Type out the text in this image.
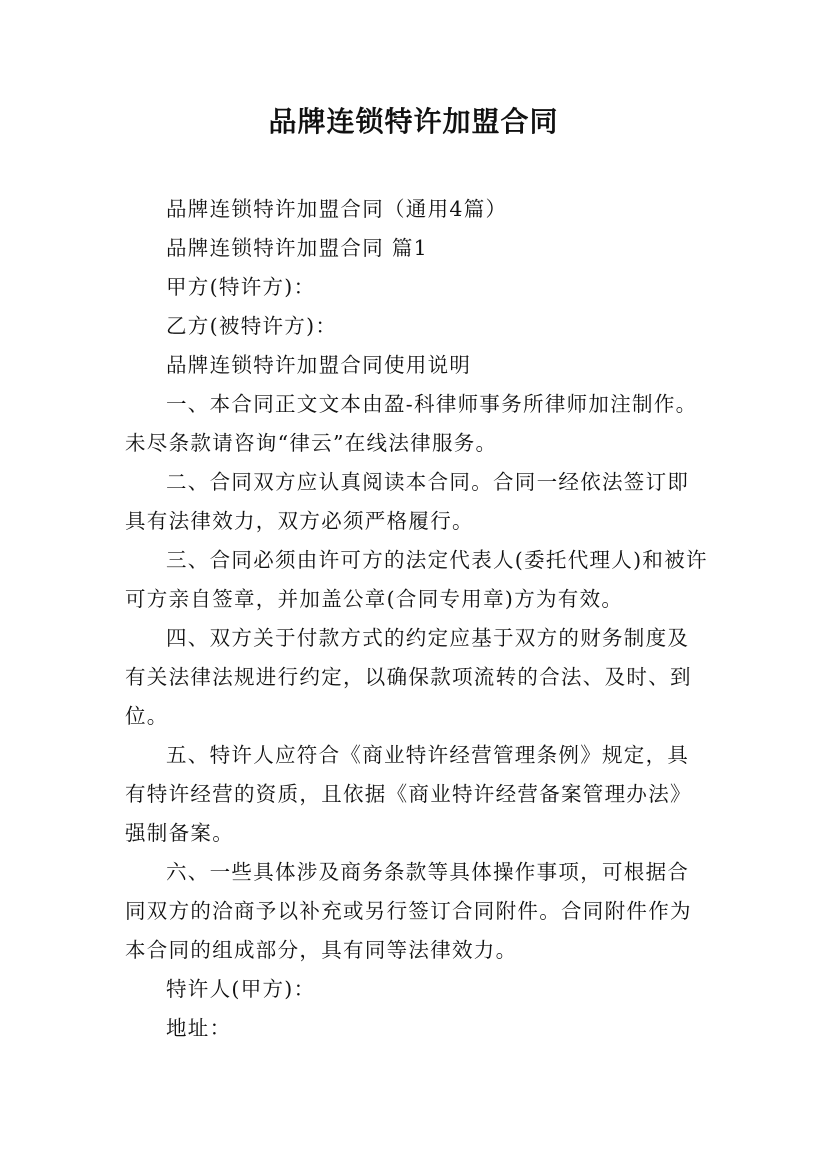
品牌连锁特许加盟合同

品牌连锁特许加盟合同（通用4篇）

品牌连锁特许加盟合同 篇1

甲方(特许方)：

乙方(被特许方)：

品牌连锁特许加盟合同使用说明

一、本合同正文文本由盈-科律师事务所律师加注制作。未尽条款请咨询“律云”在线法律服务。

二、合同双方应认真阅读本合同。合同一经依法签订即具有法律效力，双方必须严格履行。

三、合同必须由许可方的法定代表人(委托代理人)和被许可方亲自签章，并加盖公章(合同专用章)方为有效。

四、双方关于付款方式的约定应基于双方的财务制度及有关法律法规进行约定，以确保款项流转的合法、及时、到位。

五、特许人应符合《商业特许经营管理条例》规定，具有特许经营的资质，且依据《商业特许经营备案管理办法》强制备案。

六、一些具体涉及商务条款等具体操作事项，可根据合同双方的洽商予以补充或另行签订合同附件。合同附件作为本合同的组成部分，具有同等法律效力。

特许人(甲方)：

地址：
